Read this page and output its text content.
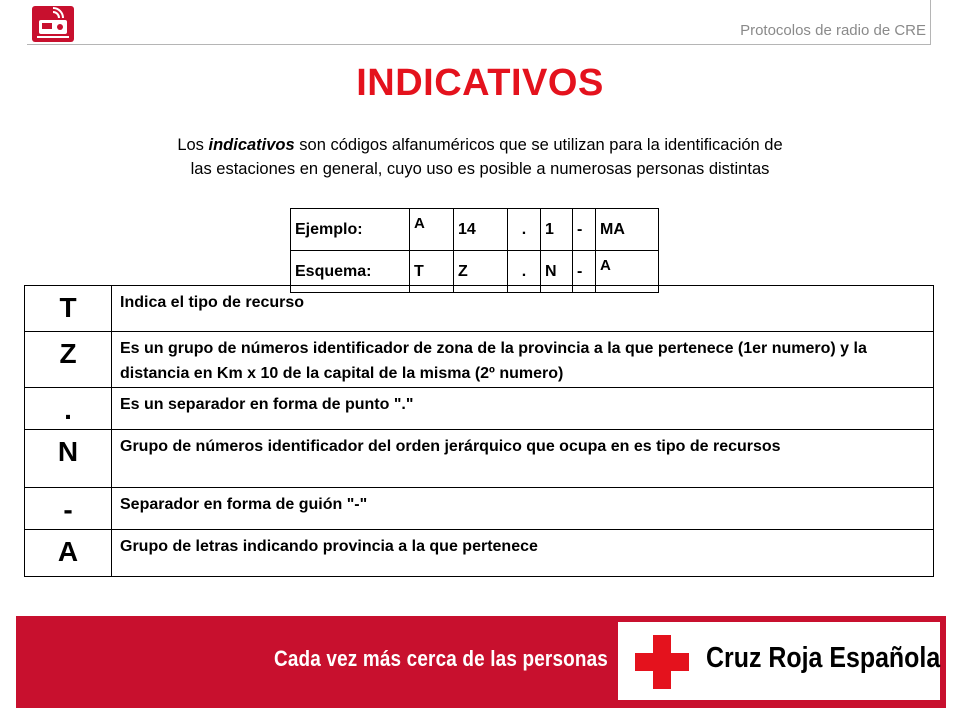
Protocolos de radio de CRE
INDICATIVOS
Los indicativos son códigos alfanuméricos que se utilizan para la identificación de
las estaciones en general, cuyo uso es posible a numerosas personas distintas
Ejemplo:	A	14	.	1	-	MA
Esquema:	T	Z	.	N	-	A
T	Indica el tipo de recurso
Z	Es un grupo de números identificador de zona de la provincia a la que pertenece (1er numero) y la distancia en Km x 10 de la capital de la misma (2º numero)
.	Es un separador en forma de punto "."
N	Grupo de números identificador del orden jerárquico que ocupa en es tipo de recursos
-	Separador en forma de guión "-"
A	Grupo de letras indicando provincia a la que pertenece
Cada vez más cerca de las personas	Cruz Roja Española
